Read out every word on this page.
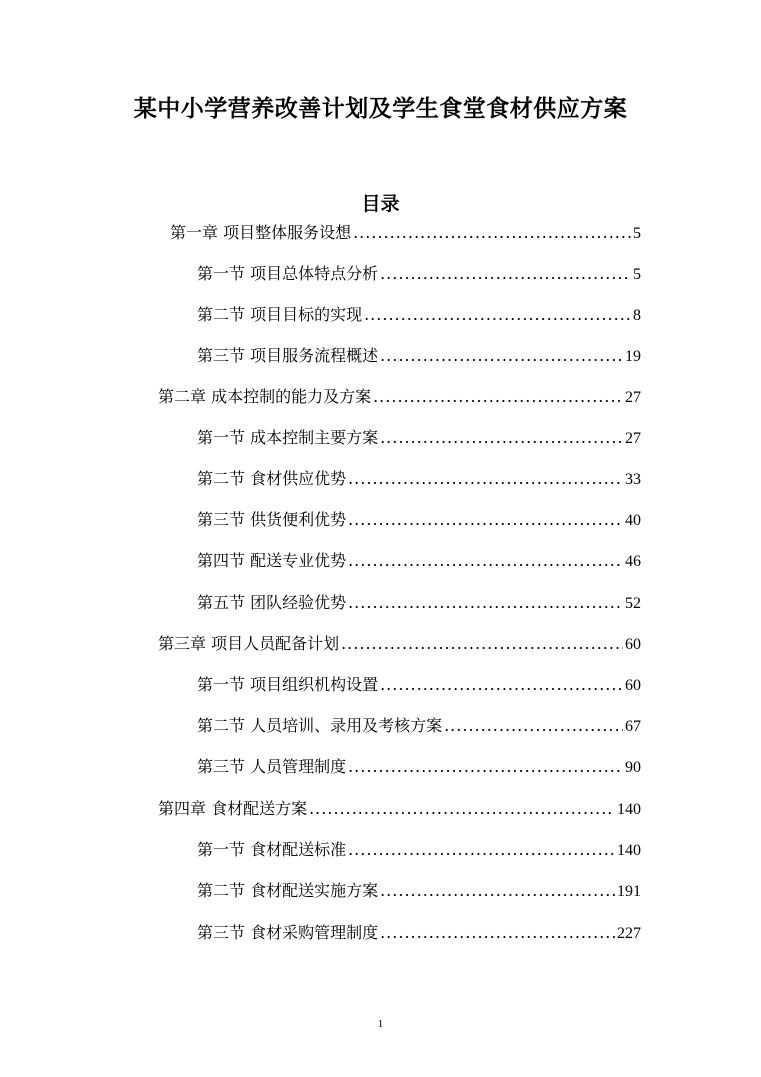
某中小学营养改善计划及学生食堂食材供应方案
目录
第一章 项目整体服务设想 .....	5
第一节 项目总体特点分析 .....	5
第二节 项目目标的实现 .....	8
第三节 项目服务流程概述 .....	19
第二章 成本控制的能力及方案 .....	27
第一节 成本控制主要方案 .....	27
第二节 食材供应优势 .....	33
第三节 供货便利优势 .....	40
第四节 配送专业优势 .....	46
第五节 团队经验优势 .....	52
第三章 项目人员配备计划 .....	60
第一节 项目组织机构设置 .....	60
第二节 人员培训、录用及考核方案 .....	67
第三节 人员管理制度 .....	90
第四章 食材配送方案 .....	140
第一节 食材配送标准 .....	140
第二节 食材配送实施方案 .....	191
第三节 食材采购管理制度 .....	227
1
